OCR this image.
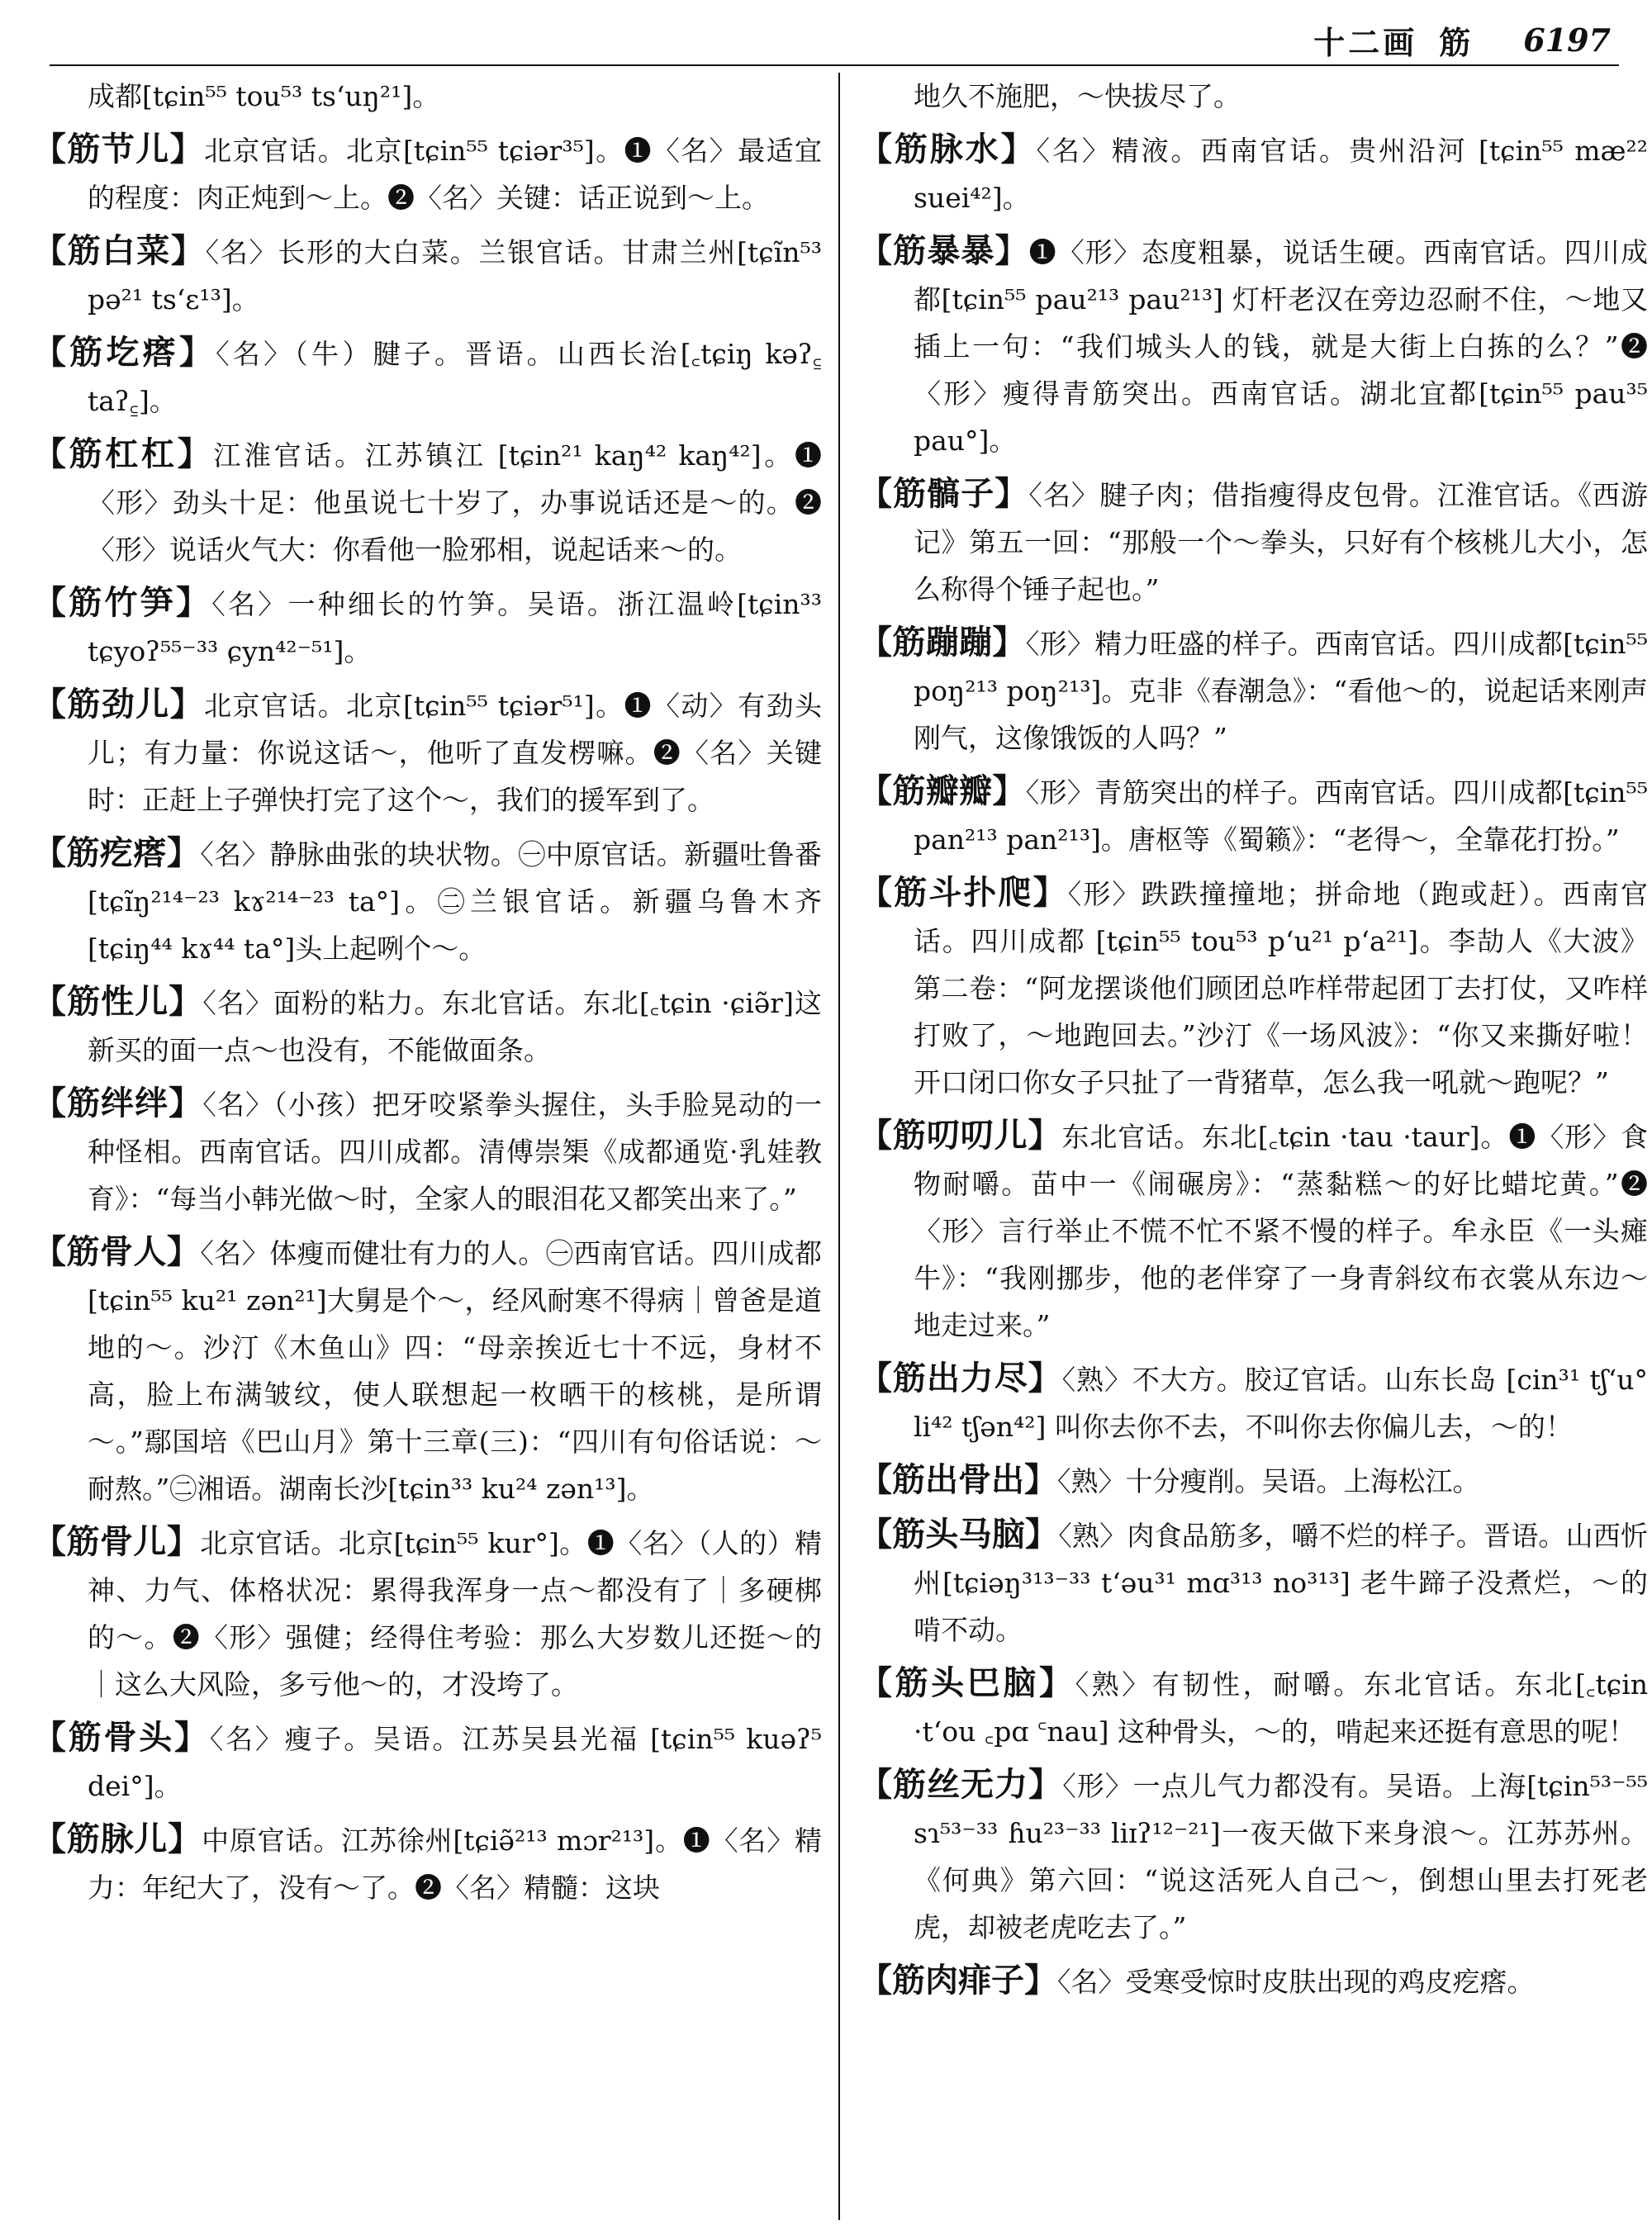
十二画 筋 6197

成都[tɕin⁵⁵ tou⁵³ tsʻuŋ²¹]。

【筋节儿】北京官话。北京[tɕin⁵⁵ tɕiər³⁵]。❶〈名〉最适宜的程度：肉正炖到～上。❷〈名〉关键：话正说到～上。

【筋白菜】〈名〉长形的大白菜。兰银官话。甘肃兰州[tɕĩn⁵³ pə²¹ tsʻɛ¹³]。

【筋圪瘩】〈名〉（牛）腱子。晋语。山西长治[꜀tɕiŋ kəʔ꜁ taʔ꜁]。

【筋杠杠】江淮官话。江苏镇江 [tɕin²¹ kaŋ⁴² kaŋ⁴²]。❶〈形〉劲头十足：他虽说七十岁了，办事说话还是～的。❷〈形〉说话火气大：你看他一脸邪相，说起话来～的。

【筋竹笋】〈名〉一种细长的竹笋。吴语。浙江温岭[tɕin³³ tɕyoʔ⁵⁵⁻³³ ɕyn⁴²⁻⁵¹]。

【筋劲儿】北京官话。北京[tɕin⁵⁵ tɕiər⁵¹]。❶〈动〉有劲头儿；有力量：你说这话～，他听了直发楞嘛。❷〈名〉关键时：正赶上子弹快打完了这个～，我们的援军到了。

【筋疙瘩】〈名〉静脉曲张的块状物。㊀中原官话。新疆吐鲁番[tɕĩŋ²¹⁴⁻²³ kɤ²¹⁴⁻²³ ta°]。㊁兰银官话。新疆乌鲁木齐[tɕiŋ⁴⁴ kɤ⁴⁴ ta°]头上起咧个～。

【筋性儿】〈名〉面粉的粘力。东北官话。东北[꜀tɕin ·ɕiə̃r]这新买的面一点～也没有，不能做面条。

【筋绊绊】〈名〉（小孩）把牙咬紧拳头握住，头手脸晃动的一种怪相。西南官话。四川成都。清傅崇榘《成都通览·乳娃教育》：“每当小韩光做～时，全家人的眼泪花又都笑出来了。”

【筋骨人】〈名〉体瘦而健壮有力的人。㊀西南官话。四川成都[tɕin⁵⁵ ku²¹ zən²¹]大舅是个～，经风耐寒不得病｜曾爸是道地的～。沙汀《木鱼山》四：“母亲挨近七十不远，身材不高，脸上布满皱纹，使人联想起一枚晒干的核桃，是所谓～。”鄢国培《巴山月》第十三章(三)：“四川有句俗话说：～耐熬。”㊁湘语。湖南长沙[tɕin³³ ku²⁴ zən¹³]。

【筋骨儿】北京官话。北京[tɕin⁵⁵ kur°]。❶〈名〉（人的）精神、力气、体格状况：累得我浑身一点～都没有了｜多硬梆的～。❷〈形〉强健；经得住考验：那么大岁数儿还挺～的｜这么大风险，多亏他～的，才没垮了。

【筋骨头】〈名〉瘦子。吴语。江苏吴县光福 [tɕin⁵⁵ kuəʔ⁵ dei°]。

【筋脉儿】中原官话。江苏徐州[tɕiə̃²¹³ mɔr²¹³]。❶〈名〉精力：年纪大了，没有～了。❷〈名〉精髓：这块

地久不施肥，～快拔尽了。

【筋脉水】〈名〉精液。西南官话。贵州沿河 [tɕin⁵⁵ mæ²² suei⁴²]。

【筋暴暴】❶〈形〉态度粗暴，说话生硬。西南官话。四川成都[tɕin⁵⁵ pau²¹³ pau²¹³] 灯杆老汉在旁边忍耐不住，～地又插上一句：“我们城头人的钱，就是大街上白拣的么？”❷〈形〉瘦得青筋突出。西南官话。湖北宜都[tɕin⁵⁵ pau³⁵ pau°]。

【筋髇子】〈名〉腱子肉；借指瘦得皮包骨。江淮官话。《西游记》第五一回：“那般一个～拳头，只好有个核桃儿大小，怎么称得个锤子起也。”

【筋蹦蹦】〈形〉精力旺盛的样子。西南官话。四川成都[tɕin⁵⁵ poŋ²¹³ poŋ²¹³]。克非《春潮急》：“看他～的，说起话来刚声刚气，这像饿饭的人吗？”

【筋瓣瓣】〈形〉青筋突出的样子。西南官话。四川成都[tɕin⁵⁵ pan²¹³ pan²¹³]。唐枢等《蜀籁》：“老得～，全靠花打扮。”

【筋斗扑爬】〈形〉跌跌撞撞地；拼命地（跑或赶）。西南官话。四川成都 [tɕin⁵⁵ tou⁵³ pʻu²¹ pʻa²¹]。李劼人《大波》第二卷：“阿龙摆谈他们顾团总咋样带起团丁去打仗，又咋样打败了，～地跑回去。”沙汀《一场风波》：“你又来撕好啦！开口闭口你女子只扯了一背猪草，怎么我一吼就～跑呢？”

【筋叨叨儿】东北官话。东北[꜀tɕin ·tau ·taur]。❶〈形〉食物耐嚼。苗中一《闹碾房》：“蒸黏糕～的好比蜡坨黄。”❷〈形〉言行举止不慌不忙不紧不慢的样子。牟永臣《一头瘫牛》：“我刚挪步，他的老伴穿了一身青斜纹布衣裳从东边～地走过来。”

【筋出力尽】〈熟〉不大方。胶辽官话。山东长岛 [cin³¹ tʃʻu° li⁴² tʃən⁴²] 叫你去你不去，不叫你去你偏儿去，～的！

【筋出骨出】〈熟〉十分瘦削。吴语。上海松江。

【筋头马脑】〈熟〉肉食品筋多，嚼不烂的样子。晋语。山西忻州[tɕiəŋ³¹³⁻³³ tʻəu³¹ mɑ³¹³ no³¹³] 老牛蹄子没煮烂，～的啃不动。

【筋头巴脑】〈熟〉有韧性，耐嚼。东北官话。东北[꜀tɕin ·tʻou ꜀pɑ ꜂nau] 这种骨头，～的，啃起来还挺有意思的呢！

【筋丝无力】〈形〉一点儿气力都没有。吴语。上海[tɕin⁵³⁻⁵⁵ sɿ⁵³⁻³³ ɦu²³⁻³³ liɪʔ¹²⁻²¹]一夜天做下来身浪～。江苏苏州。《何典》第六回：“说这活死人自己～，倒想山里去打死老虎，却被老虎吃去了。”

【筋肉痱子】〈名〉受寒受惊时皮肤出现的鸡皮疙瘩。
